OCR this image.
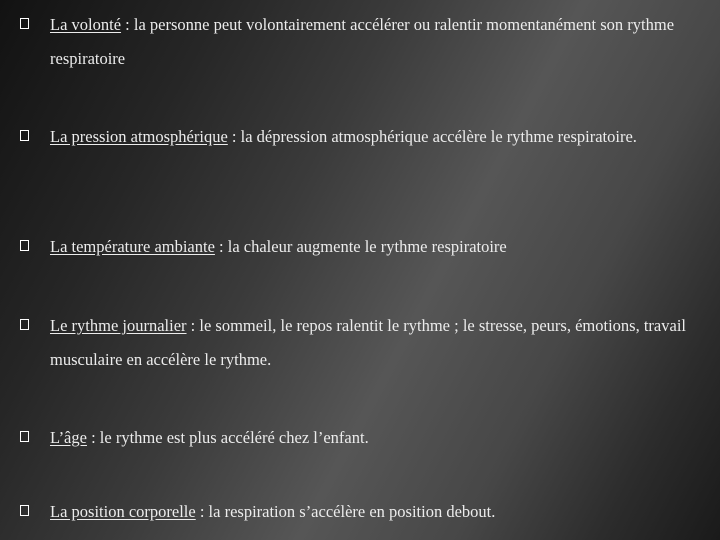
La volonté : la personne peut volontairement accélérer ou ralentir momentanément son rythme respiratoire
La pression atmosphérique : la dépression atmosphérique accélère le rythme respiratoire.
La température ambiante : la chaleur augmente le rythme respiratoire
Le rythme journalier : le sommeil, le repos ralentit le rythme ; le stresse, peurs, émotions, travail musculaire en accélère le rythme.
L’âge : le rythme est plus accéléré chez l’enfant.
La position corporelle : la respiration s’accélère en position debout.
